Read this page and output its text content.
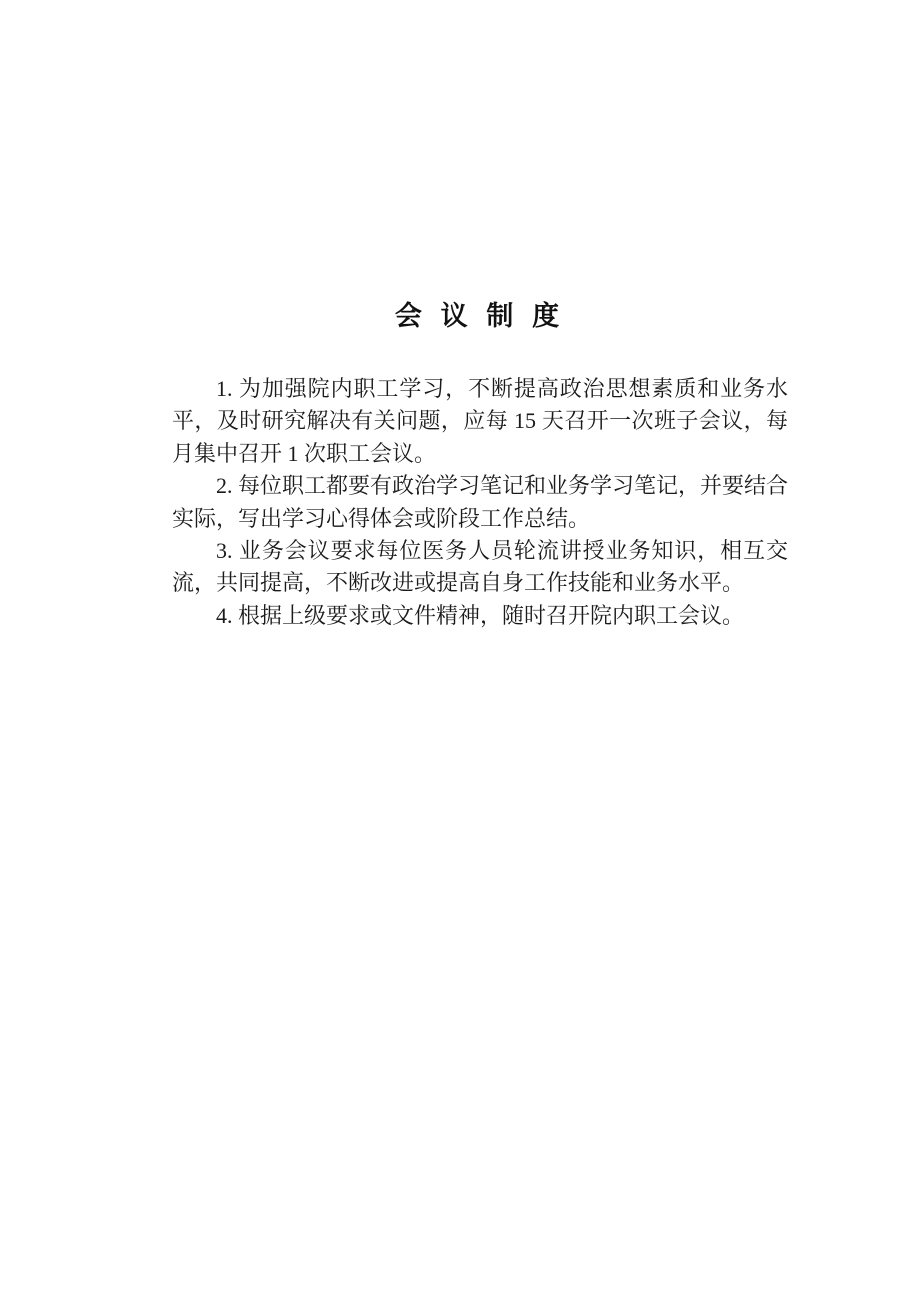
会 议 制 度

1. 为加强院内职工学习，不断提高政治思想素质和业务水平，及时研究解决有关问题，应每 15 天召开一次班子会议，每月集中召开 1 次职工会议。

2. 每位职工都要有政治学习笔记和业务学习笔记，并要结合实际，写出学习心得体会或阶段工作总结。

3. 业务会议要求每位医务人员轮流讲授业务知识，相互交流，共同提高，不断改进或提高自身工作技能和业务水平。

4. 根据上级要求或文件精神，随时召开院内职工会议。
